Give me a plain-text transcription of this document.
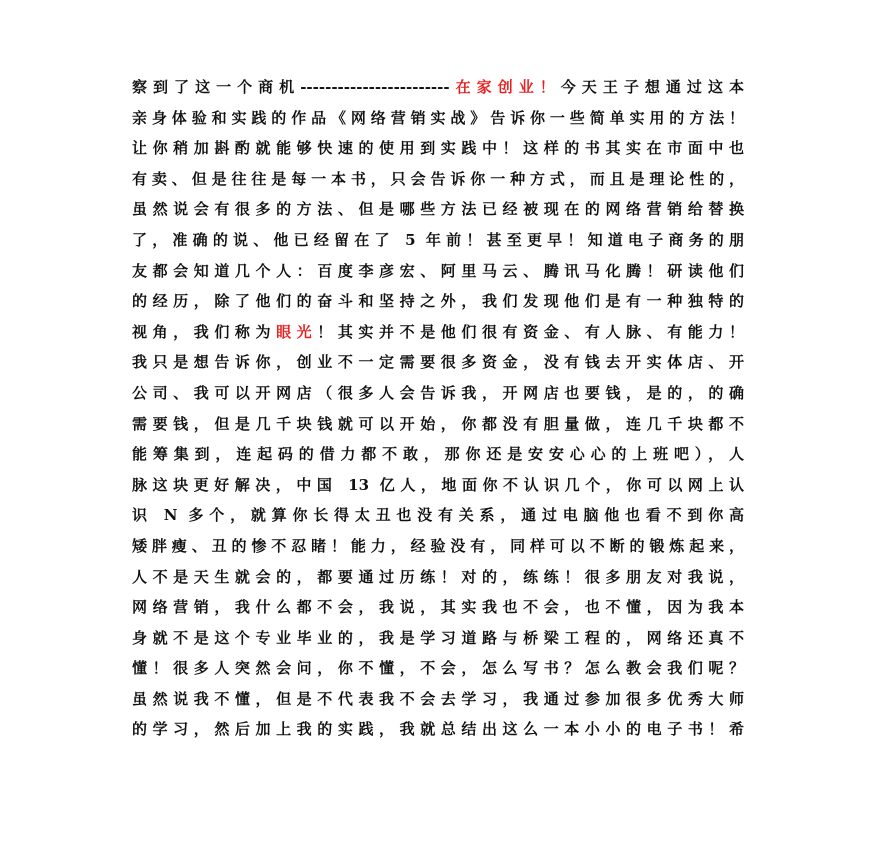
察到了这一个商机------------------------在家创业！今天王子想通过这本
亲身体验和实践的作品《网络营销实战》告诉你一些简单实用的方法！
让你稍加斟酌就能够快速的使用到实践中！这样的书其实在市面中也
有卖、但是往往是每一本书，只会告诉你一种方式，而且是理论性的，
虽然说会有很多的方法、但是哪些方法已经被现在的网络营销给替换
了，准确的说、他已经留在了 5 年前！甚至更早！知道电子商务的朋
友都会知道几个人：百度李彦宏、阿里马云、腾讯马化腾！研读他们
的经历，除了他们的奋斗和坚持之外，我们发现他们是有一种独特的
视角，我们称为眼光！其实并不是他们很有资金、有人脉、有能力！
我只是想告诉你，创业不一定需要很多资金，没有钱去开实体店、开
公司、我可以开网店（很多人会告诉我，开网店也要钱，是的，的确
需要钱，但是几千块钱就可以开始，你都没有胆量做，连几千块都不
能筹集到，连起码的借力都不敢，那你还是安安心心的上班吧），人
脉这块更好解决，中国 13 亿人，地面你不认识几个，你可以网上认
识 N 多个，就算你长得太丑也没有关系，通过电脑他也看不到你高
矮胖瘦、丑的惨不忍睹！能力，经验没有，同样可以不断的锻炼起来，
人不是天生就会的，都要通过历练！对的，练练！很多朋友对我说，
网络营销，我什么都不会，我说，其实我也不会，也不懂，因为我本
身就不是这个专业毕业的，我是学习道路与桥梁工程的，网络还真不
懂！很多人突然会问，你不懂，不会，怎么写书？怎么教会我们呢？
虽然说我不懂，但是不代表我不会去学习，我通过参加很多优秀大师
的学习，然后加上我的实践，我就总结出这么一本小小的电子书！希
